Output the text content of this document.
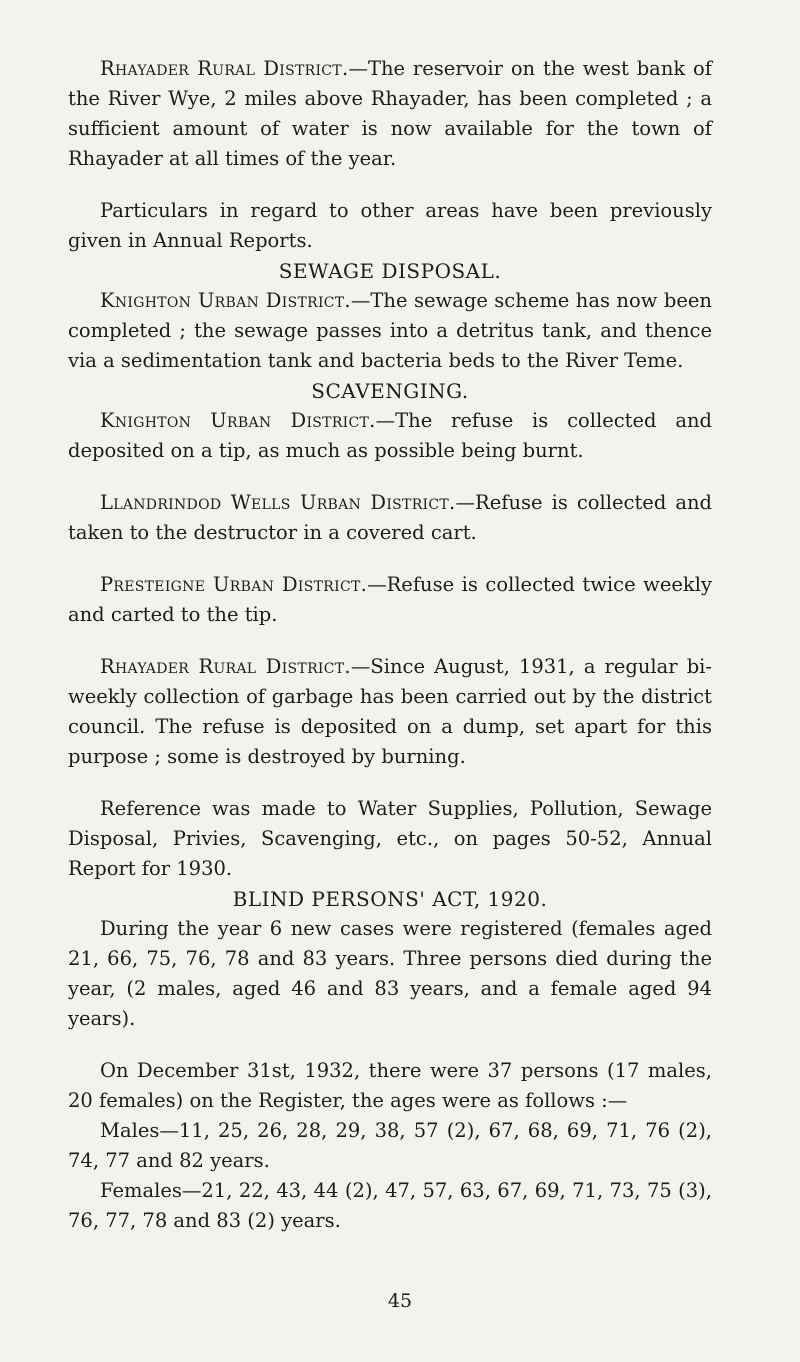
Rhayader Rural District.—The reservoir on the west bank of the River Wye, 2 miles above Rhayader, has been completed ; a sufficient amount of water is now available for the town of Rhayader at all times of the year.

Particulars in regard to other areas have been previously given in Annual Reports.

SEWAGE DISPOSAL.

Knighton Urban District.—The sewage scheme has now been completed ; the sewage passes into a detritus tank, and thence via a sedimentation tank and bacteria beds to the River Teme.

SCAVENGING.

Knighton Urban District.—The refuse is collected and deposited on a tip, as much as possible being burnt.

Llandrindod Wells Urban District.—Refuse is collected and taken to the destructor in a covered cart.

Presteigne Urban District.—Refuse is collected twice weekly and carted to the tip.

Rhayader Rural District.—Since August, 1931, a regular bi-weekly collection of garbage has been carried out by the district council. The refuse is deposited on a dump, set apart for this purpose ; some is destroyed by burning.

Reference was made to Water Supplies, Pollution, Sewage Disposal, Privies, Scavenging, etc., on pages 50-52, Annual Report for 1930.

BLIND PERSONS' ACT, 1920.

During the year 6 new cases were registered (females aged 21, 66, 75, 76, 78 and 83 years. Three persons died during the year, (2 males, aged 46 and 83 years, and a female aged 94 years).

On December 31st, 1932, there were 37 persons (17 males, 20 females) on the Register, the ages were as follows :—

Males—11, 25, 26, 28, 29, 38, 57 (2), 67, 68, 69, 71, 76 (2), 74, 77 and 82 years.

Females—21, 22, 43, 44 (2), 47, 57, 63, 67, 69, 71, 73, 75 (3), 76, 77, 78 and 83 (2) years.

45
